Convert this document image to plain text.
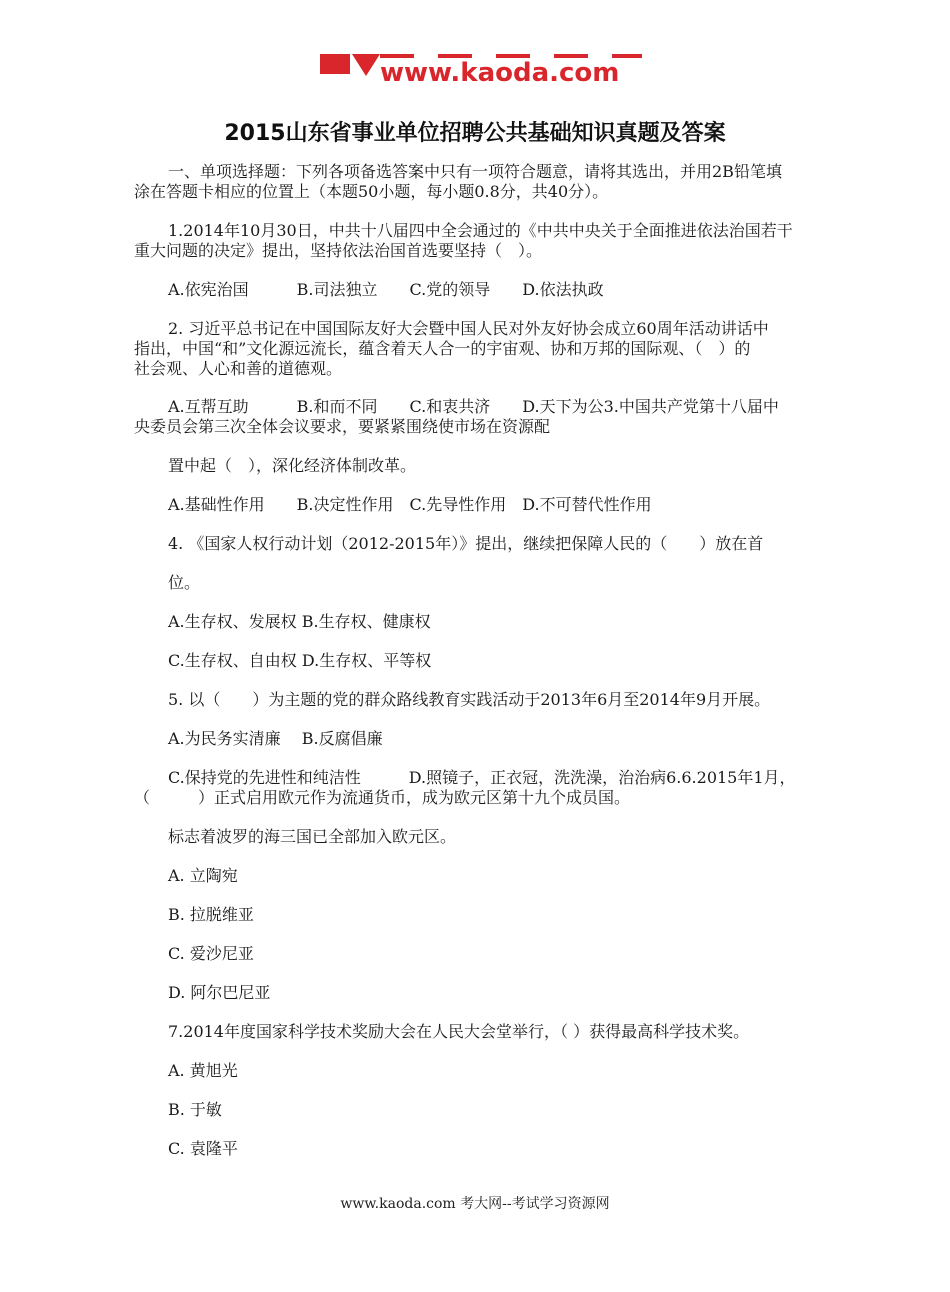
www.kaoda.com
2015山东省事业单位招聘公共基础知识真题及答案
一、单项选择题：下列各项备选答案中只有一项符合题意，请将其选出，并用2B铅笔填
涂在答题卡相应的位置上（本题50小题，每小题0.8分，共40分）。
1.2014年10月30日，中共十八届四中全会通过的《中共中央关于全面推进依法治国若干
重大问题的决定》提出，坚持依法治国首选要坚持（　）。
A.依宪治国　　　B.司法独立　　C.党的领导　　D.依法执政
2. 习近平总书记在中国国际友好大会暨中国人民对外友好协会成立60周年活动讲话中
指出，中国“和”文化源远流长，蕴含着天人合一的宇宙观、协和万邦的国际观、（　）的
社会观、人心和善的道德观。
A.互帮互助　　　B.和而不同　　C.和衷共济　　D.天下为公3.中国共产党第十八届中
央委员会第三次全体会议要求，要紧紧围绕使市场在资源配
置中起（　），深化经济体制改革。
A.基础性作用　　B.决定性作用　C.先导性作用　D.不可替代性作用
4. 《国家人权行动计划（2012-2015年）》提出，继续把保障人民的（　　）放在首
位。
A.生存权、发展权 B.生存权、健康权
C.生存权、自由权 D.生存权、平等权
5. 以（　　）为主题的党的群众路线教育实践活动于2013年6月至2014年9月开展。
A.为民务实清廉　 B.反腐倡廉
C.保持党的先进性和纯洁性　　　D.照镜子，正衣冠，洗洗澡，治治病6.6.2015年1月，
（　　　）正式启用欧元作为流通货币，成为欧元区第十九个成员国。
标志着波罗的海三国已全部加入欧元区。
A. 立陶宛
B. 拉脱维亚
C. 爱沙尼亚
D. 阿尔巴尼亚
7.2014年度国家科学技术奖励大会在人民大会堂举行，（ ）获得最高科学技术奖。
A. 黄旭光
B. 于敏
C. 袁隆平
www.kaoda.com 考大网--考试学习资源网
